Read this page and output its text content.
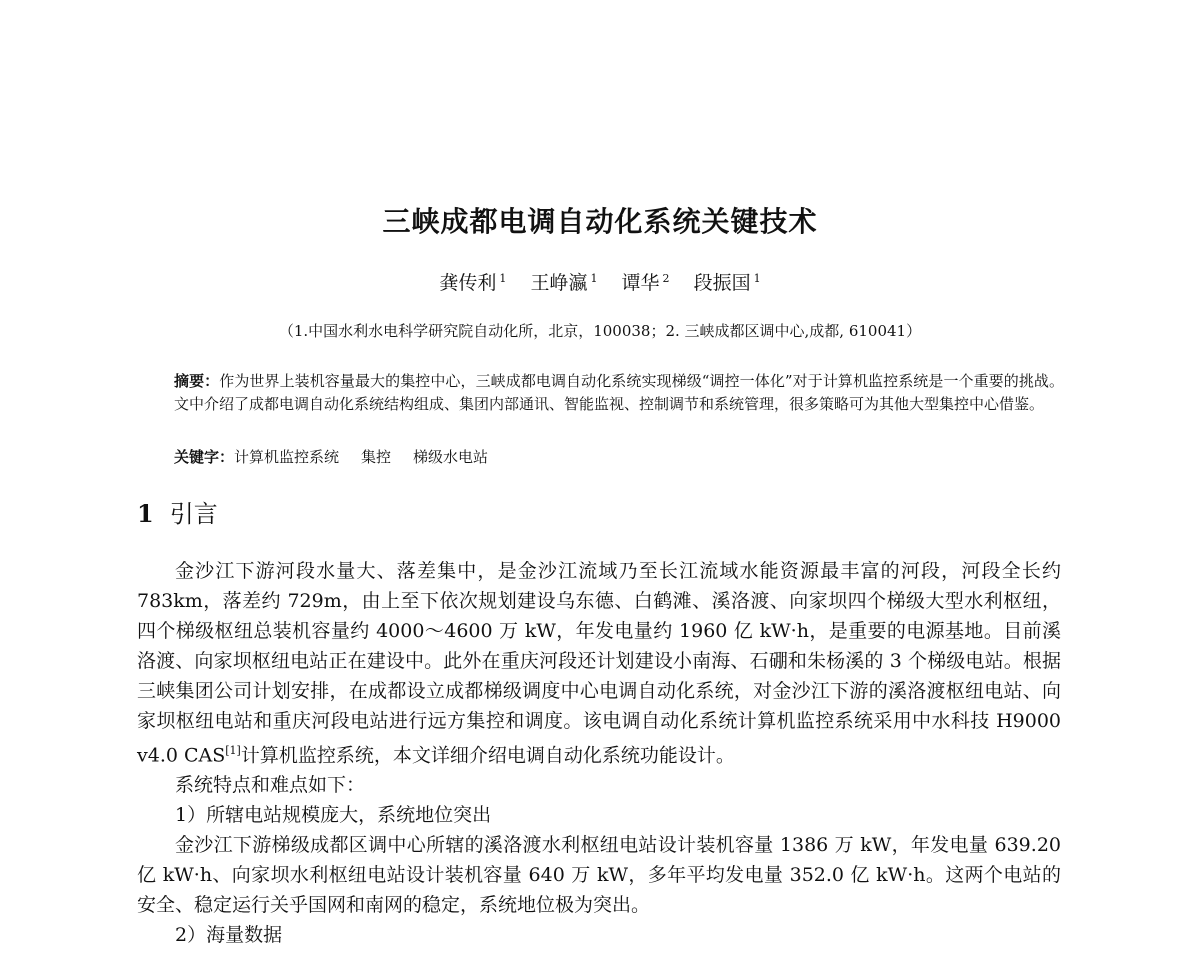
三峡成都电调自动化系统关键技术
龚传利 $^1$ 王峥瀛 $^1$ 谭华 $^2$ 段振国 $^1$
（1.中国水利水电科学研究院自动化所，北京，100038；2. 三峡成都区调中心,成都, 610041）
摘要：作为世界上装机容量最大的集控中心，三峡成都电调自动化系统实现梯级“调控一体化”对于计算机监控系统是一个重要的挑战。文中介绍了成都电调自动化系统结构组成、集团内部通讯、智能监视、控制调节和系统管理，很多策略可为其他大型集控中心借鉴。
关键字：计算机监控系统 集控 梯级水电站
1 引言

金沙江下游河段水量大、落差集中，是金沙江流域乃至长江流域水能资源最丰富的河段，河段全长约 783km，落差约 729m，由上至下依次规划建设乌东德、白鹤滩、溪洛渡、向家坝四个梯级大型水利枢纽，四个梯级枢纽总装机容量约 4000～4600 万 kW，年发电量约 1960 亿 kW·h，是重要的电源基地。目前溪洛渡、向家坝枢纽电站正在建设中。此外在重庆河段还计划建设小南海、石硼和朱杨溪的 3 个梯级电站。根据三峡集团公司计划安排，在成都设立成都梯级调度中心电调自动化系统，对金沙江下游的溪洛渡枢纽电站、向家坝枢纽电站和重庆河段电站进行远方集控和调度。该电调自动化系统计算机监控系统采用中水科技 H9000 v4.0 CAS[1]计算机监控系统，本文详细介绍电调自动化系统功能设计。

系统特点和难点如下：

1）所辖电站规模庞大，系统地位突出

金沙江下游梯级成都区调中心所辖的溪洛渡水利枢纽电站设计装机容量 1386 万 kW，年发电量 639.20 亿 kW·h、向家坝水利枢纽电站设计装机容量 640 万 kW，多年平均发电量 352.0 亿 kW·h。这两个电站的安全、稳定运行关乎国网和南网的稳定，系统地位极为突出。

2）海量数据
